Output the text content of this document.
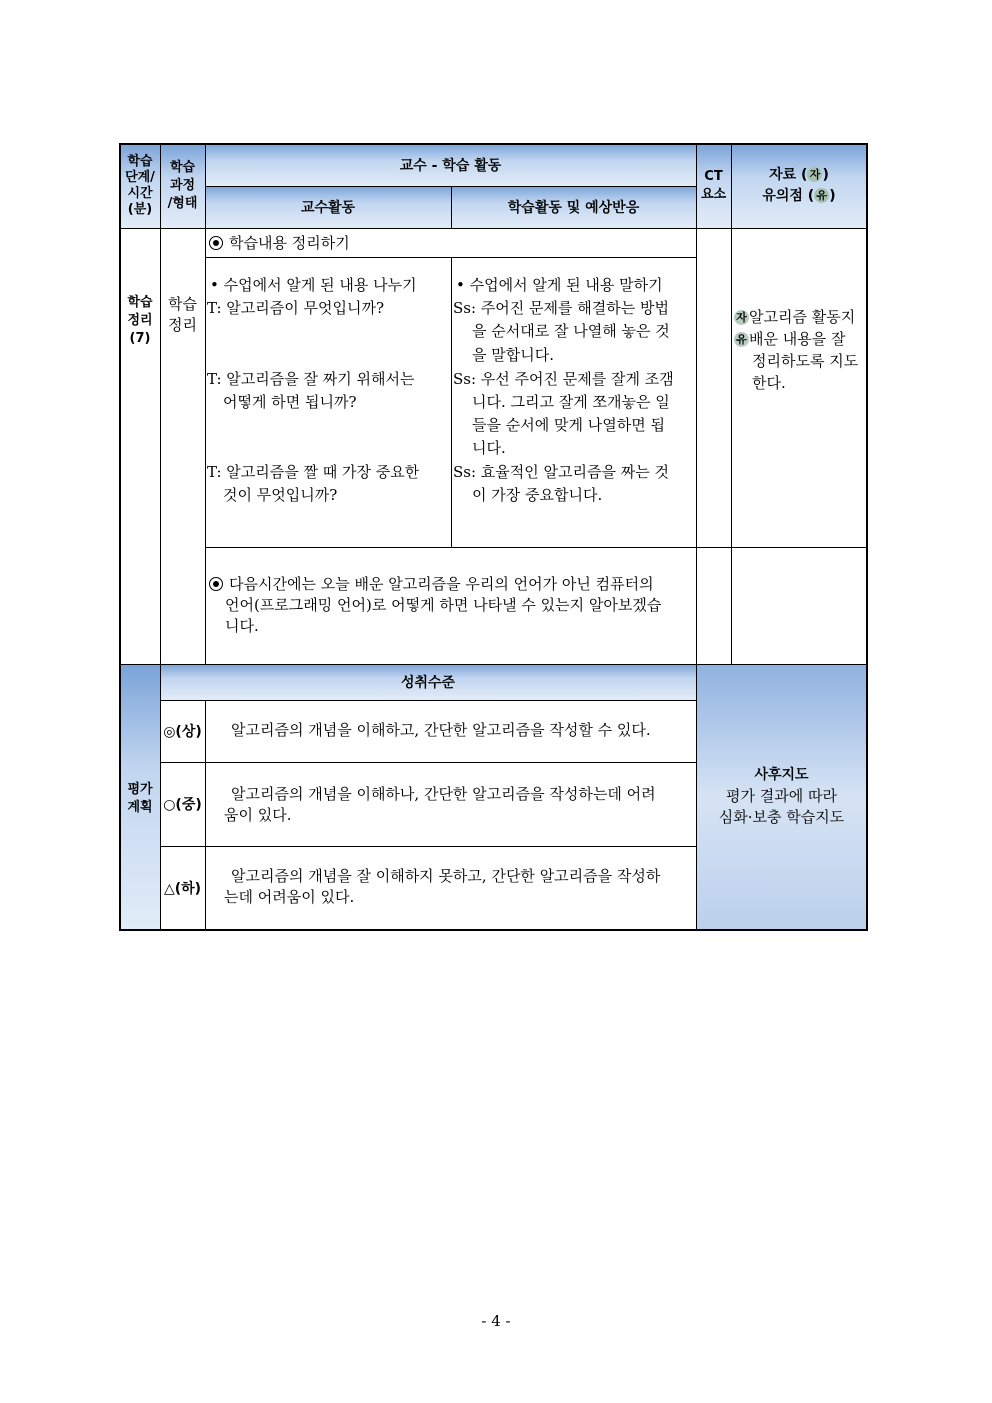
학습
단계/
시간
(분)
학습
과정
/형태
교수 - 학습 활동
교수활동	학습활동 및 예상반응
CT
요소
자료 ( 자 )
유의점 ( 유 )
학습
정리
(7)
학습
정리
학습내용 정리하기
• 수업에서 알게 된 내용 나누기
T: 알고리즘이 무엇입니까?
T: 알고리즘을 잘 짜기 위해서는
어떻게 하면 됩니까?
T: 알고리즘을 짤 때 가장 중요한
것이 무엇입니까?
• 수업에서 알게 된 내용 말하기
Ss: 주어진 문제를 해결하는 방법
을 순서대로 잘 나열해 놓은 것
을 말합니다.
Ss: 우선 주어진 문제를 잘게 조갬
니다. 그리고 잘게 쪼개놓은 일
들을 순서에 맞게 나열하면 됩
니다.
Ss: 효율적인 알고리즘을 짜는 것
이 가장 중요합니다.
자 알고리즘 활동지
유 배운 내용을 잘
정리하도록 지도
한다.
다음시간에는 오늘 배운 알고리즘을 우리의 언어가 아닌 컴퓨터의
언어(프로그래밍 언어)로 어떻게 하면 나타낼 수 있는지 알아보겠습
니다.
평가
계획
성취수준
◎(상) 알고리즘의 개념을 이해하고, 간단한 알고리즘을 작성할 수 있다.
○(중)
알고리즘의 개념을 이해하나, 간단한 알고리즘을 작성하는데 어려
움이 있다.
△(하)
알고리즘의 개념을 잘 이해하지 못하고, 간단한 알고리즘을 작성하
는데 어려움이 있다.
사후지도
평가 결과에 따라
심화·보충 학습지도
- 4 -
